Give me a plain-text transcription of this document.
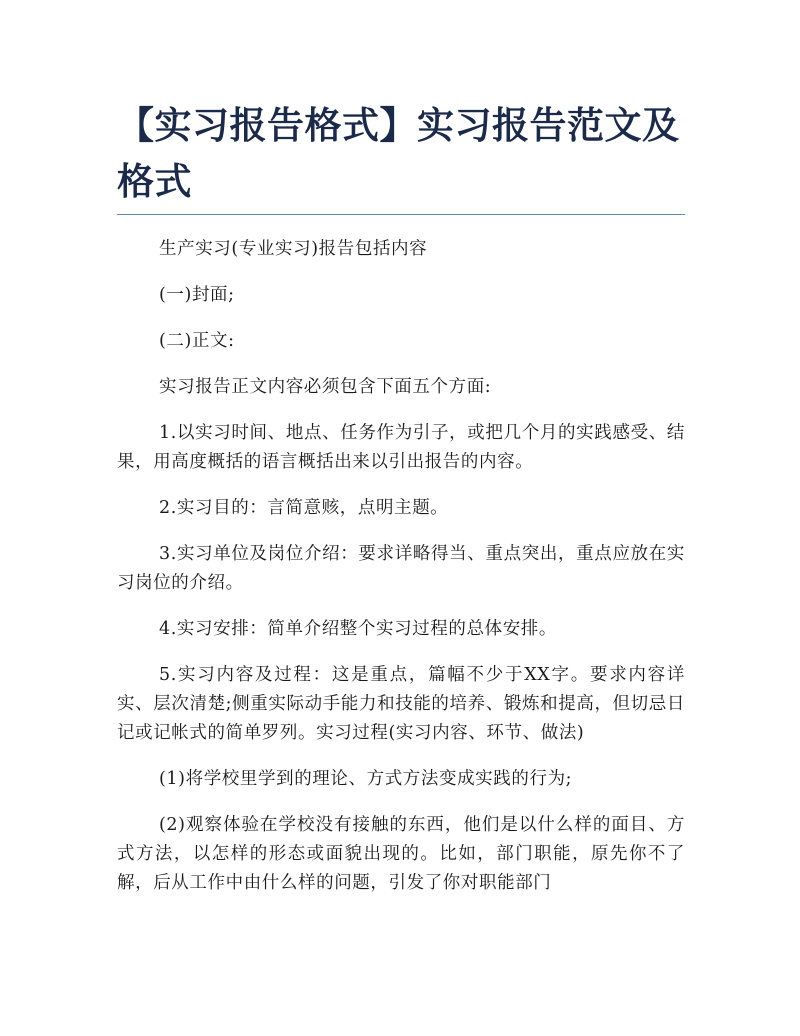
【实习报告格式】实习报告范文及格式

生产实习(专业实习)报告包括内容

(一)封面;

(二)正文:

实习报告正文内容必须包含下面五个方面:

1.以实习时间、地点、任务作为引子，或把几个月的实践感受、结果，用高度概括的语言概括出来以引出报告的内容。

2.实习目的：言简意赅，点明主题。

3.实习单位及岗位介绍：要求详略得当、重点突出，重点应放在实习岗位的介绍。

4.实习安排：简单介绍整个实习过程的总体安排。

5.实习内容及过程：这是重点，篇幅不少于XX字。要求内容详实、层次清楚;侧重实际动手能力和技能的培养、锻炼和提高，但切忌日记或记帐式的简单罗列。实习过程(实习内容、环节、做法)

(1)将学校里学到的理论、方式方法变成实践的行为;

(2)观察体验在学校没有接触的东西，他们是以什么样的面目、方式方法，以怎样的形态或面貌出现的。比如，部门职能，原先你不了解，后从工作中由什么样的问题，引发了你对职能部门
